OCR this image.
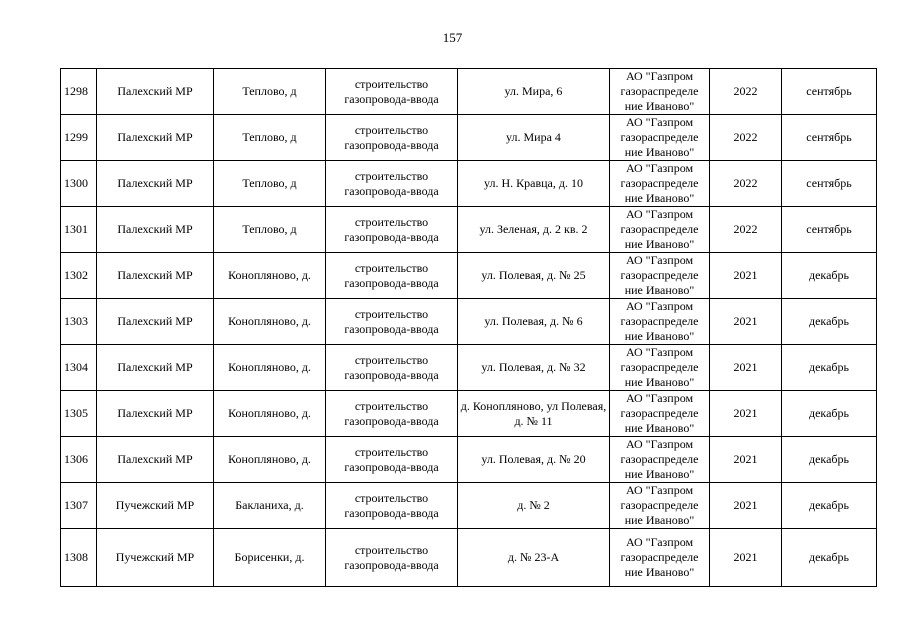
157
1298	Палехский МР	Теплово, д	строительство газопровода-ввода	ул. Мира, 6	АО "Газпром газораспределе ние Иваново"	2022	сентябрь
1299	Палехский МР	Теплово, д	строительство газопровода-ввода	ул. Мира 4	АО "Газпром газораспределе ние Иваново"	2022	сентябрь
1300	Палехский МР	Теплово, д	строительство газопровода-ввода	ул. Н. Кравца, д. 10	АО "Газпром газораспределе ние Иваново"	2022	сентябрь
1301	Палехский МР	Теплово, д	строительство газопровода-ввода	ул. Зеленая, д. 2 кв. 2	АО "Газпром газораспределе ние Иваново"	2022	сентябрь
1302	Палехский МР	Конопляново, д.	строительство газопровода-ввода	ул. Полевая, д. № 25	АО "Газпром газораспределе ние Иваново"	2021	декабрь
1303	Палехский МР	Конопляново, д.	строительство газопровода-ввода	ул. Полевая, д. № 6	АО "Газпром газораспределе ние Иваново"	2021	декабрь
1304	Палехский МР	Конопляново, д.	строительство газопровода-ввода	ул. Полевая, д. № 32	АО "Газпром газораспределе ние Иваново"	2021	декабрь
1305	Палехский МР	Конопляново, д.	строительство газопровода-ввода	д. Конопляново, ул Полевая, д. № 11	АО "Газпром газораспределе ние Иваново"	2021	декабрь
1306	Палехский МР	Конопляново, д.	строительство газопровода-ввода	ул. Полевая, д. № 20	АО "Газпром газораспределе ние Иваново"	2021	декабрь
1307	Пучежский МР	Бакланиха, д.	строительство газопровода-ввода	д. № 2	АО "Газпром газораспределе ние Иваново"	2021	декабрь
1308	Пучежский МР	Борисенки, д.	строительство газопровода-ввода	д. № 23-А	АО "Газпром газораспределе ние Иваново"	2021	декабрь
